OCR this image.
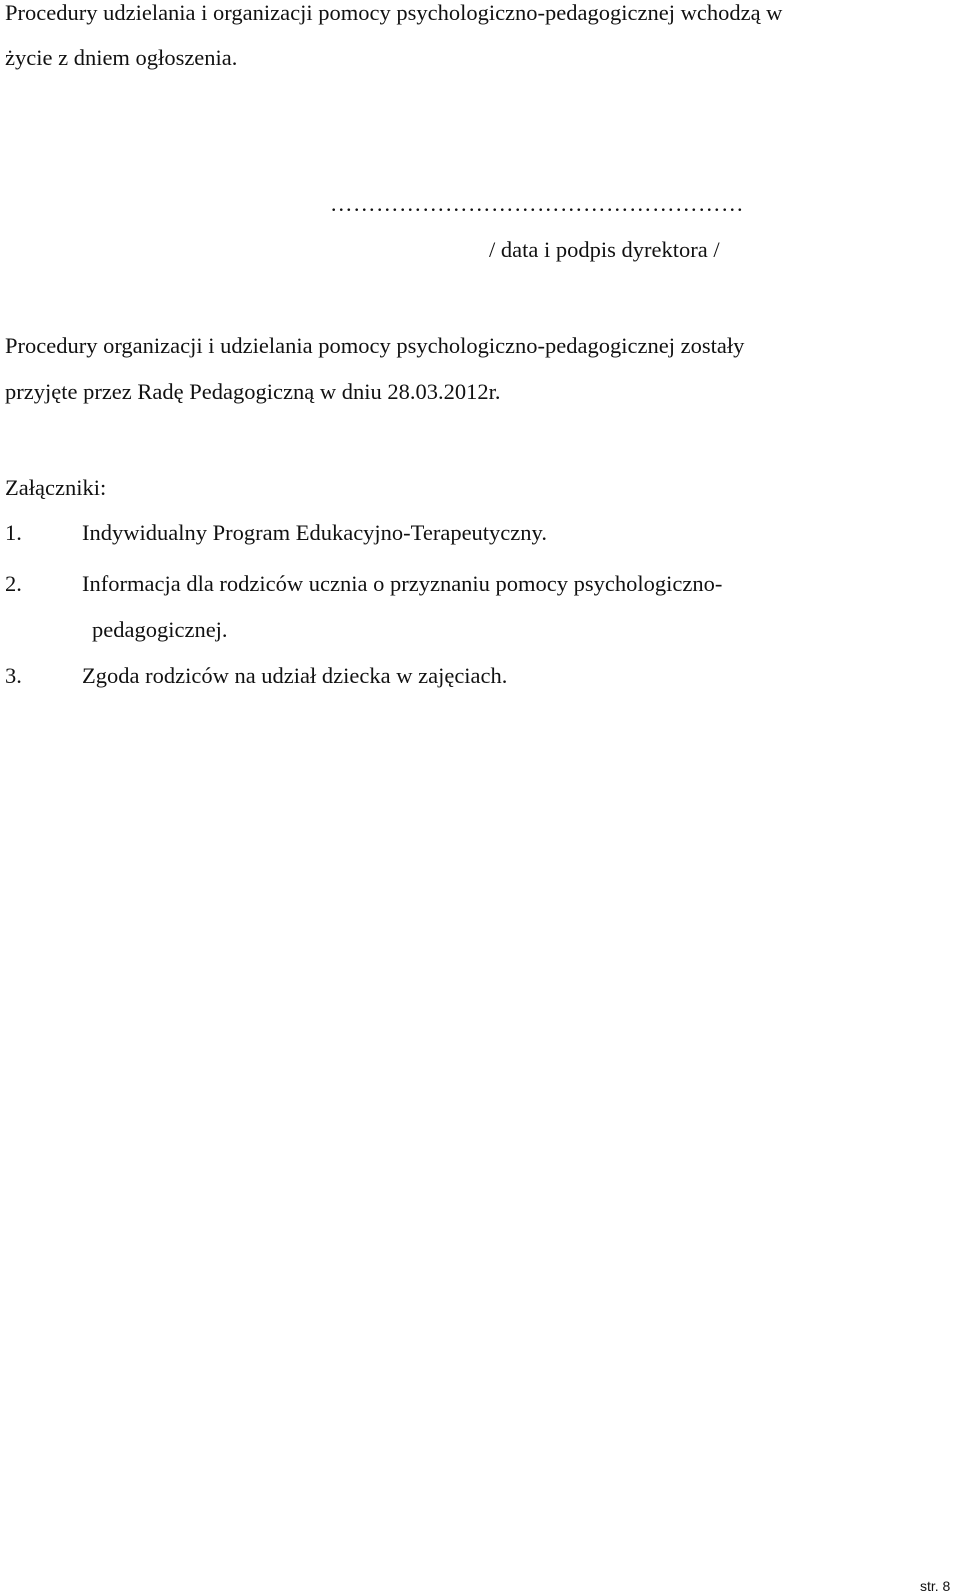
Procedury udzielania i organizacji pomocy psychologiczno-pedagogicznej wchodzą w
życie z dniem ogłoszenia.
………………………………………………
/ data i podpis dyrektora /
Procedury organizacji i udzielania pomocy psychologiczno-pedagogicznej zostały
przyjęte przez Radę Pedagogiczną w dniu 28.03.2012r.
Załączniki:
1.	Indywidualny Program Edukacyjno-Terapeutyczny.
2.	Informacja dla rodziców ucznia o przyznaniu pomocy psychologiczno-
pedagogicznej.
3.	Zgoda rodziców na udział dziecka w zajęciach.
str. 8
